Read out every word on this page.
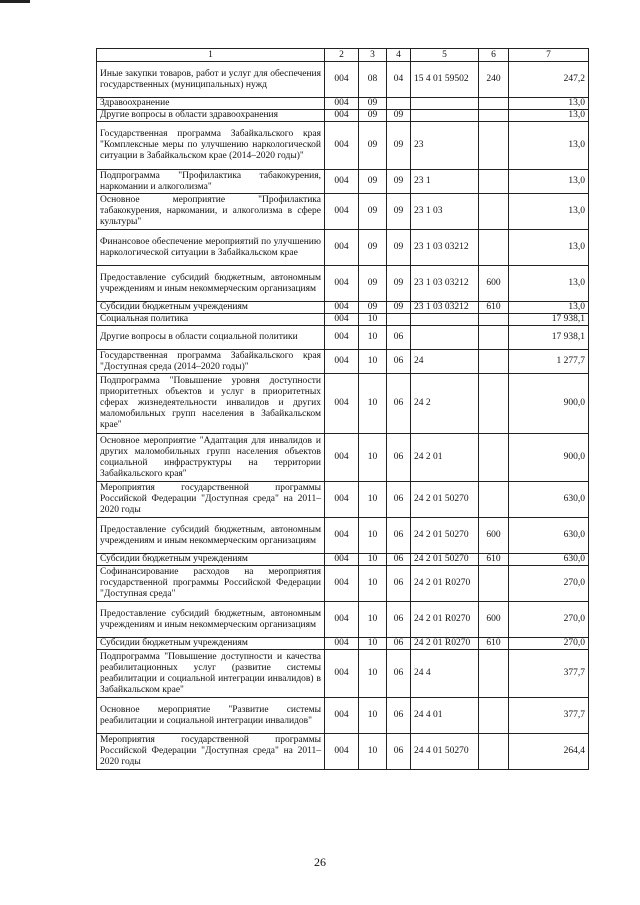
1	2	3	4	5	6	7
Иные закупки товаров, работ и услуг для обеспечения государственных (муниципальных) нужд	004	08	04	15 4 01 59502	240	247,2
Здравоохранение	004	09				13,0
Другие вопросы в области здравоохранения	004	09	09			13,0
Государственная программа Забайкальского края "Комплексные меры по улучшению наркологической ситуации в Забайкальском крае (2014–2020 годы)"	004	09	09	23		13,0
Подпрограмма "Профилактика табакокурения, наркомании и алкоголизма"	004	09	09	23 1		13,0
Основное мероприятие "Профилактика табакокурения, наркомании, и алкоголизма в сфере культуры"	004	09	09	23 1 03		13,0
Финансовое обеспечение мероприятий по улучшению наркологической ситуации в Забайкальском крае	004	09	09	23 1 03 03212		13,0
Предоставление субсидий бюджетным, автономным учреждениям и иным некоммерческим организациям	004	09	09	23 1 03 03212	600	13,0
Субсидии бюджетным учреждениям	004	09	09	23 1 03 03212	610	13,0
Социальная политика	004	10				17 938,1
Другие вопросы в области социальной политики	004	10	06			17 938,1
Государственная программа Забайкальского края "Доступная среда (2014–2020 годы)"	004	10	06	24		1 277,7
Подпрограмма "Повышение уровня доступности приоритетных объектов и услуг в приоритетных сферах жизнедеятельности инвалидов и других маломобильных групп населения в Забайкальском крае"	004	10	06	24 2		900,0
Основное мероприятие "Адаптация для инвалидов и других маломобильных групп населения объектов социальной инфраструктуры на территории Забайкальского края"	004	10	06	24 2 01		900,0
Мероприятия государственной программы Российской Федерации "Доступная среда" на 2011–2020 годы	004	10	06	24 2 01 50270		630,0
Предоставление субсидий бюджетным, автономным учреждениям и иным некоммерческим организациям	004	10	06	24 2 01 50270	600	630,0
Субсидии бюджетным учреждениям	004	10	06	24 2 01 50270	610	630,0
Софинансирование расходов на мероприятия государственной программы Российской Федерации "Доступная среда"	004	10	06	24 2 01 R0270		270,0
Предоставление субсидий бюджетным, автономным учреждениям и иным некоммерческим организациям	004	10	06	24 2 01 R0270	600	270,0
Субсидии бюджетным учреждениям	004	10	06	24 2 01 R0270	610	270,0
Подпрограмма "Повышение доступности и качества реабилитационных услуг (развитие системы реабилитации и социальной интеграции инвалидов) в Забайкальском крае"	004	10	06	24 4		377,7
Основное мероприятие "Развитие системы реабилитации и социальной интеграции инвалидов"	004	10	06	24 4 01		377,7
Мероприятия государственной программы Российской Федерации "Доступная среда" на 2011–2020 годы	004	10	06	24 4 01 50270		264,4
26
